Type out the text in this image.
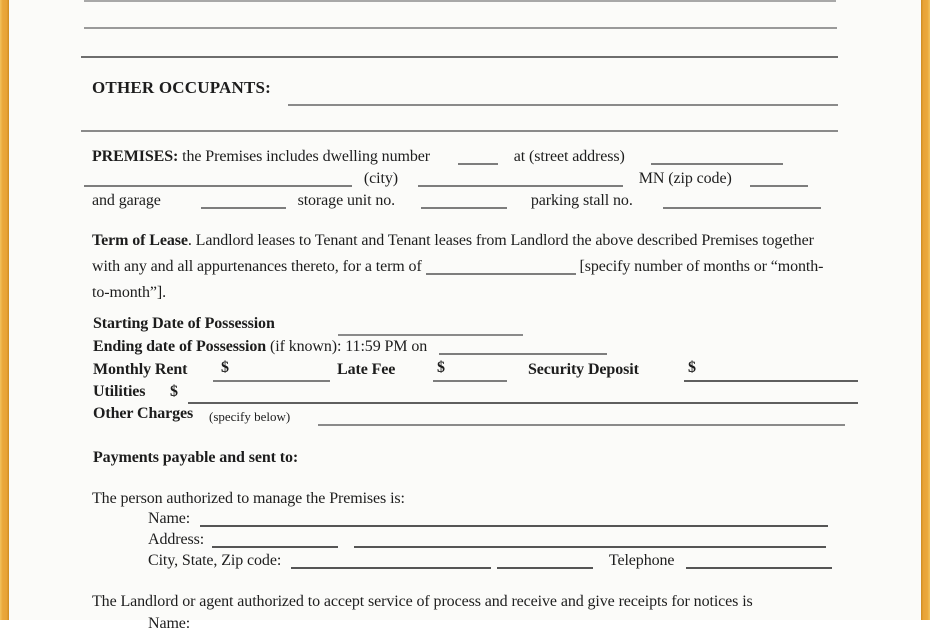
OTHER OCCUPANTS:
PREMISES: the Premises includes dwelling number	at (street address)
(city)	MN (zip code)
and garage	storage unit no.	parking stall no.
Term of Lease. Landlord leases to Tenant and Tenant leases from Landlord the above described Premises together with any and all appurtenances thereto, for a term of	[specify number of months or “month-to-month”].
Starting Date of Possession
Ending date of Possession (if known): 11:59 PM on
Monthly Rent $	Late Fee	$	Security Deposit	$
Utilities $
Other Charges (specify below)
Payments payable and sent to:
The person authorized to manage the Premises is:
Name:
Address:
City, State, Zip code:	Telephone
The Landlord or agent authorized to accept service of process and receive and give receipts for notices is
Name:
